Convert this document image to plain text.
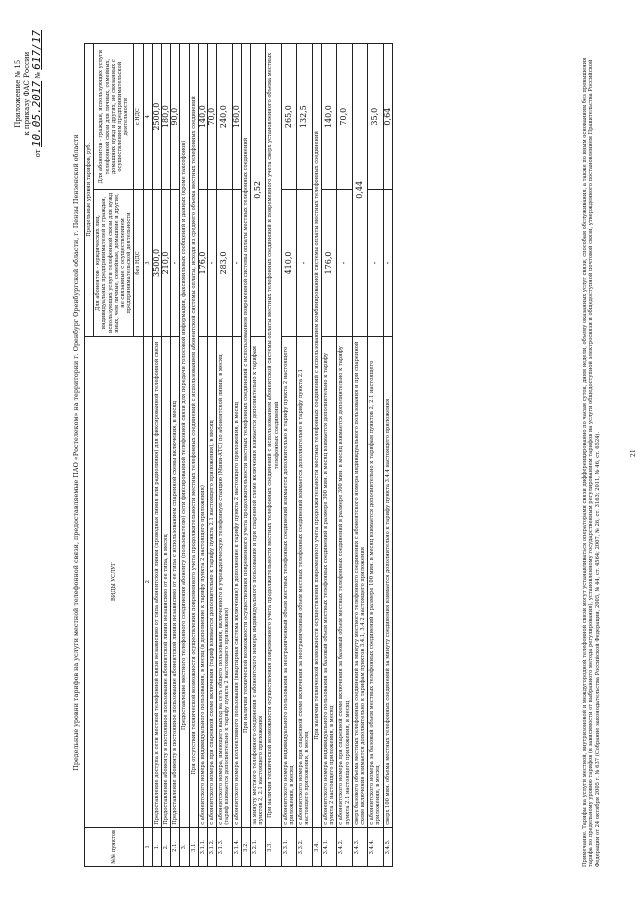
Приложение № 15 к приказу ФАС России
от 10.05.2017 № 617/17
Предельные уровни тарифов на услуги местной телефонной связи, предоставляемые ПАО «Ростелеком» на территории г. Оренбург Оренбургской области, г. Пензы Пензенской области
№№ пунктов	ВИДЫ УСЛУГ	Предельные уровни тарифов, руб.	
		Для абонентов - юридических лиц, индивидуальных предпринимателей и граждан, использующих услуги телефонной связи для нужд иных, чем личные, семейные, домашние и другие, не связанные с осуществлением предпринимательской деятельности	Для абонентов - граждан, использующих услуги телефонной связи для личных, семейных, домашних нужд и других, не связанных с осуществлением предпринимательской деятельности
		без НДС	с НДС
1	2	3	4
1.	Предоставление доступа к сети местной телефонной связи независимо от типа абонентской линии (проводная линия или радиолиния) для фиксированной телефонной связи	3500,0	2500,0
2.	Предоставление абоненту в постоянное пользование абонентской линии независимо от ее типа, в месяц	210,0	180,0
2.1.	Предоставление абоненту в постоянное пользование абонентской линии независимо от ее типа с использованием спаренной схемы включения, в месяц	-	90,0
3.	Предоставление местного телефонного соединения абоненту (пользователю) сети фиксированной телефонной связи для передачи голосовой информации, факсимильных сообщений и данных (кроме таксофонов)		
3.1.	При отсутствии технической возможности осуществления повременного учета продолжительности местных телефонных соединений с использованием абонентской системы оплаты, исходя из среднего объема местных телефонных соединений		
3.1.1.	с абонентского номера индивидуального пользования, в месяц (в дополнение к тарифу пункта 2 настоящего приложения)	176,0	140,0
3.1.2.	с абонентского номера при спаренной схеме включения (тариф взимается дополнительно к тарифу пункта 2.1 настоящего приложения), в месяц	-	70,0
3.1.3.	с абонентского номера, имеющего выход на сеть общего пользования, включенного в учрежденческую телефонную станцию (Мини-АТС) по абонентской линии, в месяц (тариф взимается дополнительно к тарифу пункта 2 настоящего приложения)	283,0	240,0
3.1.4.	с абонентского номера коллективного пользования (квартирная система включения) в дополнение к тарифу пункта 2 настоящего приложения, в месяц	-	160,0
3.2.	При наличии технической возможности осуществления повременного учета продолжительности местных телефонных соединений с использованием повременной системы оплаты местных телефонных соединений		
3.2.1.	за минуту местного телефонного соединения с абонентского номера индивидуального пользования и при спаренной схеме включения взимается дополнительно к тарифам пунктов 2, 2.1 настоящего приложения	0,52	
3.3.	При наличии технической возможности осуществления повременного учета продолжительности местных телефонных соединений с использованием абонентской системы оплаты местных телефонных соединений и повременного учета сверх установленного объема местных телефонных соединений		
3.3.1.	с абонентского номера индивидуального пользования за неограниченный объем местных телефонных соединений взимается дополнительно к тарифу пункта 2 настоящего приложения, в месяц	410,0	265,0
3.3.2.	с абонентского номера при спаренной схеме включения за неограниченный объем местных телефонных соединений взимается дополнительно к тарифу пункта 2.1 настоящего приложения, в месяц	-	132,5
3.4.	При наличии технической возможности осуществления повременного учета продолжительности местных телефонных соединений с использованием комбинированной системы оплаты местных телефонных соединений		
3.4.1.	с абонентского номера индивидуального пользования за базовый объем местных телефонных соединений в размере 300 мин. в месяц взимается дополнительно к тарифу пункта 2 настоящего приложения, в месяц	176,0	140,0
3.4.2.	с абонентского номера при спаренной схеме включения за базовый объем местных телефонных соединений в размере 300 мин. в месяц взимается дополнительно к тарифу пункта 2.1 настоящего приложения, в месяц	-	70,0
3.4.3.	сверх базового объема местных телефонных соединений за минуту местного телефонного соединения с абонентского номера индивидуального пользования и при спаренной схеме включения взимается дополнительно к тарифам пунктов 3.4.1, 3.4.2 настоящего приложения	0,44	
3.4.4.	с абонентского номера за базовый объем местных телефонных соединений в размере 100 мин. в месяц взимается дополнительно к тарифам пунктов 2, 2.1 настоящего приложения, в месяц	-	35,0
3.4.5.	сверх 100 мин. объема местных телефонных соединений за минуту соединения взимается дополнительно к тарифу пункта 3.4.4 настоящего приложения	-	0,64
Примечание. Тарифы на услуги местной, внутризоновой и междугородной телефонной связи могут устанавливаться операторами связи дифференцированно по часам суток, дням недели, объему оказанных услуг связи, способам обслуживания, а также по иным основаниям без превышения тарифа по предельному уровню тарифов (в зависимости от выбранного метода регулирования), установленному государственным регулированием тарифов на услуги общедоступной электросвязи и общедоступной почтовой связи, утвержденного постановлением Правительства Российской Федерации от 24 октября 2005 г. № 637 (Собрание законодательства Российской Федерации, 2005, № 44, ст. 4564; 2007, № 26, ст. 3163; 2011, № 46, ст. 6524).	21
